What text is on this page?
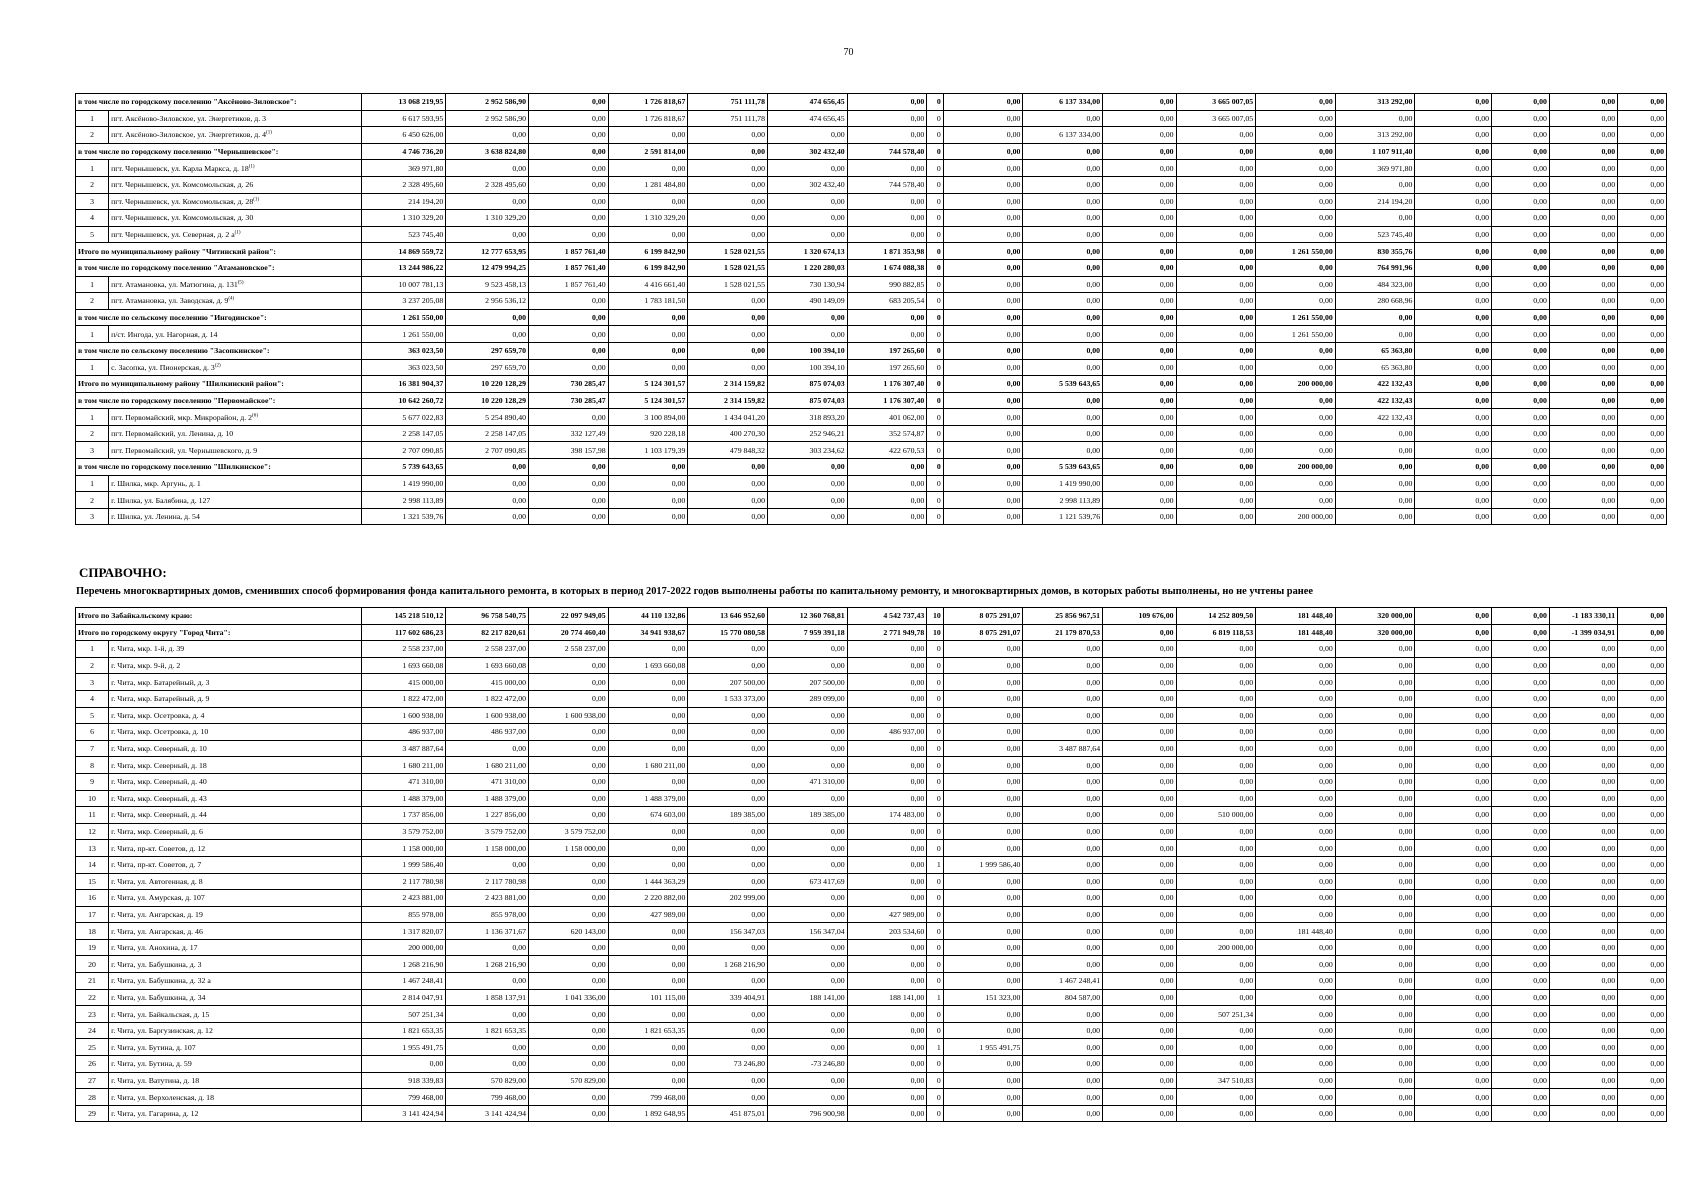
70
в том числе по городскому поселению "Аксёново-Зиловское":		13 068 219,95	2 952 586,90	0,00	1 726 818,67	751 111,78	474 656,45	0,00	0	0,00	6 137 334,00	0,00	3 665 007,05	0,00	313 292,00	0,00	0,00	0,00	0,00
1	пгт. Аксёново-Зиловское, ул. Энергетиков, д. 3	6 617 593,95	2 952 586,90	0,00	1 726 818,67	751 111,78	474 656,45	0,00	0	0,00	0,00	0,00	3 665 007,05	0,00	0,00	0,00	0,00	0,00	0,00
2	пгт. Аксёново-Зиловское, ул. Энергетиков, д. 4$^{(1)}$	6 450 626,00	0,00	0,00	0,00	0,00	0,00	0,00	0	0,00	6 137 334,00	0,00	0,00	0,00	313 292,00	0,00	0,00	0,00	0,00
в том числе по городскому поселению "Чернышевское":		4 746 736,20	3 638 824,80	0,00	2 591 814,00	0,00	302 432,40	744 578,40	0	0,00	0,00	0,00	0,00	0,00	1 107 911,40	0,00	0,00	0,00	0,00
1	пгт. Чернышевск, ул. Карла Маркса, д. 18$^{(1)}$	369 971,80	0,00	0,00	0,00	0,00	0,00	0,00	0	0,00	0,00	0,00	0,00	0,00	369 971,80	0,00	0,00	0,00	0,00
2	пгт. Чернышевск, ул. Комсомольская, д. 26	2 328 495,60	2 328 495,60	0,00	1 281 484,80	0,00	302 432,40	744 578,40	0	0,00	0,00	0,00	0,00	0,00	0,00	0,00	0,00	0,00	0,00
3	пгт. Чернышевск, ул. Комсомольская, д. 28$^{(1)}$	214 194,20	0,00	0,00	0,00	0,00	0,00	0,00	0	0,00	0,00	0,00	0,00	0,00	214 194,20	0,00	0,00	0,00	0,00
4	пгт. Чернышевск, ул. Комсомольская, д. 30	1 310 329,20	1 310 329,20	0,00	1 310 329,20	0,00	0,00	0,00	0	0,00	0,00	0,00	0,00	0,00	0,00	0,00	0,00	0,00	0,00
5	пгт. Чернышевск, ул. Северная, д. 2 $а^{(1)}$	523 745,40	0,00	0,00	0,00	0,00	0,00	0,00	0	0,00	0,00	0,00	0,00	0,00	523 745,40	0,00	0,00	0,00	0,00
Итого по муниципальному району "Читинский район":		14 869 559,72	12 777 653,95	1 857 761,40	6 199 842,90	1 528 021,55	1 320 674,13	1 871 353,98	0	0,00	0,00	0,00	0,00	1 261 550,00	830 355,76	0,00	0,00	0,00	0,00
в том числе по городскому поселению "Атамановское":		13 244 986,22	12 479 994,25	1 857 761,40	6 199 842,90	1 528 021,55	1 220 280,03	1 674 088,38	0	0,00	0,00	0,00	0,00	0,00	764 991,96	0,00	0,00	0,00	0,00
1	пгт. Атамановка, ул. Матюгина, д. 131$^{(5)}$	10 007 781,13	9 523 458,13	1 857 761,40	4 416 661,40	1 528 021,55	730 130,94	990 882,85	0	0,00	0,00	0,00	0,00	0,00	484 323,00	0,00	0,00	0,00	0,00
2	пгт. Атамановка, ул. Заводская, д. 9$^{(4)}$	3 237 205,08	2 956 536,12	0,00	1 783 181,50	0,00	490 149,09	683 205,54	0	0,00	0,00	0,00	0,00	0,00	280 668,96	0,00	0,00	0,00	0,00
в том числе по сельскому поселению "Ингодинское":		1 261 550,00	0,00	0,00	0,00	0,00	0,00	0,00	0	0,00	0,00	0,00	0,00	1 261 550,00	0,00	0,00	0,00	0,00	0,00
1	п/ст. Ингода, ул. Нагорная, д. 14	1 261 550,00	0,00	0,00	0,00	0,00	0,00	0,00	0	0,00	0,00	0,00	0,00	1 261 550,00	0,00	0,00	0,00	0,00	0,00
в том числе по сельскому поселению "Засопкинское":		363 023,50	297 659,70	0,00	0,00	0,00	100 394,10	197 265,60	0	0,00	0,00	0,00	0,00	0,00	65 363,80	0,00	0,00	0,00	0,00
1	с. Засопка, ул. Пионерская, д. 3$^{(2)}$	363 023,50	297 659,70	0,00	0,00	0,00	100 394,10	197 265,60	0	0,00	0,00	0,00	0,00	0,00	65 363,80	0,00	0,00	0,00	0,00
Итого по муниципальному району "Шилкинский район":		16 381 904,37	10 220 128,29	730 285,47	5 124 301,57	2 314 159,82	875 074,03	1 176 307,40	0	0,00	5 539 643,65	0,00	0,00	200 000,00	422 132,43	0,00	0,00	0,00	0,00
в том числе по городскому поселению "Первомайское":		10 642 260,72	10 220 128,29	730 285,47	5 124 301,57	2 314 159,82	875 074,03	1 176 307,40	0	0,00	0,00	0,00	0,00	0,00	422 132,43	0,00	0,00	0,00	0,00
1	пгт. Первомайский, мкр. Микрорайон, д. 2$^{(6)}$	5 677 022,83	5 254 890,40	0,00	3 100 894,00	1 434 041,20	318 893,20	401 062,00	0	0,00	0,00	0,00	0,00	0,00	422 132,43	0,00	0,00	0,00	0,00
2	пгт. Первомайский, ул. Ленина, д. 10	2 258 147,05	2 258 147,05	332 127,49	920 228,18	400 270,30	252 946,21	352 574,87	0	0,00	0,00	0,00	0,00	0,00	0,00	0,00	0,00	0,00	0,00
3	пгт. Первомайский, ул. Чернышевского, д. 9	2 707 090,85	2 707 090,85	398 157,98	1 103 179,39	479 848,32	303 234,62	422 670,53	0	0,00	0,00	0,00	0,00	0,00	0,00	0,00	0,00	0,00	0,00
в том числе по городскому поселению "Шилкинское":		5 739 643,65	0,00	0,00	0,00	0,00	0,00	0,00	0	0,00	5 539 643,65	0,00	0,00	200 000,00	0,00	0,00	0,00	0,00	0,00
1	г. Шилка, мкр. Аргунь, д. 1	1 419 990,00	0,00	0,00	0,00	0,00	0,00	0,00	0	0,00	1 419 990,00	0,00	0,00	0,00	0,00	0,00	0,00	0,00	0,00
2	г. Шилка, ул. Балябина, д. 127	2 998 113,89	0,00	0,00	0,00	0,00	0,00	0,00	0	0,00	2 998 113,89	0,00	0,00	0,00	0,00	0,00	0,00	0,00	0,00
3	г. Шилка, ул. Ленина, д. 54	1 321 539,76	0,00	0,00	0,00	0,00	0,00	0,00	0	0,00	1 121 539,76	0,00	0,00	200 000,00	0,00	0,00	0,00	0,00	0,00
СПРАВОЧНО:
Перечень многоквартирных домов, сменивших способ формирования фонда капитального ремонта, в которых в период 2017-2022 годов выполнены работы по капитальному ремонту, и многоквартирных домов, в которых работы выполнены, но не учтены ранее
Итого по Забайкальскому краю:		145 218 510,12	96 758 540,75	22 097 949,05	44 110 132,86	13 646 952,60	12 360 768,81	4 542 737,43	10	8 075 291,07	25 856 967,51	109 676,00	14 252 809,50	181 448,40	320 000,00	0,00	0,00	-1 183 330,11	0,00
Итого по городскому округу "Город Чита":		117 602 686,23	82 217 820,61	20 774 460,40	34 941 938,67	15 770 080,58	7 959 391,18	2 771 949,78	10	8 075 291,07	21 179 870,53	0,00	6 819 118,53	181 448,40	320 000,00	0,00	0,00	-1 399 034,91	0,00
1	г. Чита, мкр. 1-й, д. 39	2 558 237,00	2 558 237,00	2 558 237,00	0,00	0,00	0,00	0,00	0	0,00	0,00	0,00	0,00	0,00	0,00	0,00	0,00	0,00	0,00
2	г. Чита, мкр. 9-й, д. 2	1 693 660,08	1 693 660,08	0,00	1 693 660,08	0,00	0,00	0,00	0	0,00	0,00	0,00	0,00	0,00	0,00	0,00	0,00	0,00	0,00
3	г. Чита, мкр. Батарейный, д. 3	415 000,00	415 000,00	0,00	0,00	207 500,00	207 500,00	0,00	0	0,00	0,00	0,00	0,00	0,00	0,00	0,00	0,00	0,00	0,00
4	г. Чита, мкр. Батарейный, д. 9	1 822 472,00	1 822 472,00	0,00	0,00	1 533 373,00	289 099,00	0,00	0	0,00	0,00	0,00	0,00	0,00	0,00	0,00	0,00	0,00	0,00
5	г. Чита, мкр. Осетровка, д. 4	1 600 938,00	1 600 938,00	1 600 938,00	0,00	0,00	0,00	0,00	0	0,00	0,00	0,00	0,00	0,00	0,00	0,00	0,00	0,00	0,00
6	г. Чита, мкр. Осетровка, д. 10	486 937,00	486 937,00	0,00	0,00	0,00	0,00	486 937,00	0	0,00	0,00	0,00	0,00	0,00	0,00	0,00	0,00	0,00	0,00
7	г. Чита, мкр. Северный, д. 10	3 487 887,64	0,00	0,00	0,00	0,00	0,00	0,00	0	0,00	3 487 887,64	0,00	0,00	0,00	0,00	0,00	0,00	0,00	0,00
8	г. Чита, мкр. Северный, д. 18	1 680 211,00	1 680 211,00	0,00	1 680 211,00	0,00	0,00	0,00	0	0,00	0,00	0,00	0,00	0,00	0,00	0,00	0,00	0,00	0,00
9	г. Чита, мкр. Северный, д. 40	471 310,00	471 310,00	0,00	0,00	0,00	471 310,00	0,00	0	0,00	0,00	0,00	0,00	0,00	0,00	0,00	0,00	0,00	0,00
10	г. Чита, мкр. Северный, д. 43	1 488 379,00	1 488 379,00	0,00	1 488 379,00	0,00	0,00	0,00	0	0,00	0,00	0,00	0,00	0,00	0,00	0,00	0,00	0,00	0,00
11	г. Чита, мкр. Северный, д. 44	1 737 856,00	1 227 856,00	0,00	674 603,00	189 385,00	189 385,00	174 483,00	0	0,00	0,00	0,00	510 000,00	0,00	0,00	0,00	0,00	0,00	0,00
12	г. Чита, мкр. Северный, д. 6	3 579 752,00	3 579 752,00	3 579 752,00	0,00	0,00	0,00	0,00	0	0,00	0,00	0,00	0,00	0,00	0,00	0,00	0,00	0,00	0,00
13	г. Чита, пр-кт. Советов, д. 12	1 158 000,00	1 158 000,00	1 158 000,00	0,00	0,00	0,00	0,00	0	0,00	0,00	0,00	0,00	0,00	0,00	0,00	0,00	0,00	0,00
14	г. Чита, пр-кт. Советов, д. 7	1 999 586,40	0,00	0,00	0,00	0,00	0,00	0,00	1	1 999 586,40	0,00	0,00	0,00	0,00	0,00	0,00	0,00	0,00	0,00
15	г. Чита, ул. Автогенная, д. 8	2 117 780,98	2 117 780,98	0,00	1 444 363,29	0,00	673 417,69	0,00	0	0,00	0,00	0,00	0,00	0,00	0,00	0,00	0,00	0,00	0,00
16	г. Чита, ул. Амурская, д. 107	2 423 881,00	2 423 881,00	0,00	2 220 882,00	202 999,00	0,00	0,00	0	0,00	0,00	0,00	0,00	0,00	0,00	0,00	0,00	0,00	0,00
17	г. Чита, ул. Ангарская, д. 19	855 978,00	855 978,00	0,00	427 989,00	0,00	0,00	427 989,00	0	0,00	0,00	0,00	0,00	0,00	0,00	0,00	0,00	0,00	0,00
18	г. Чита, ул. Ангарская, д. 46	1 317 820,07	1 136 371,67	620 143,00	0,00	156 347,03	156 347,04	203 534,60	0	0,00	0,00	0,00	0,00	181 448,40	0,00	0,00	0,00	0,00	0,00
19	г. Чита, ул. Анохина, д. 17	200 000,00	0,00	0,00	0,00	0,00	0,00	0,00	0	0,00	0,00	0,00	200 000,00	0,00	0,00	0,00	0,00	0,00	0,00
20	г. Чита, ул. Бабушкина, д. 3	1 268 216,90	1 268 216,90	0,00	0,00	1 268 216,90	0,00	0,00	0	0,00	0,00	0,00	0,00	0,00	0,00	0,00	0,00	0,00	0,00
21	г. Чита, ул. Бабушкина, д. 32 а	1 467 248,41	0,00	0,00	0,00	0,00	0,00	0,00	0	0,00	1 467 248,41	0,00	0,00	0,00	0,00	0,00	0,00	0,00	0,00
22	г. Чита, ул. Бабушкина, д. 34	2 814 047,91	1 858 137,91	1 041 336,00	101 115,00	339 404,91	188 141,00	188 141,00	1	151 323,00	804 587,00	0,00	0,00	0,00	0,00	0,00	0,00	0,00	0,00
23	г. Чита, ул. Байкальская, д. 15	507 251,34	0,00	0,00	0,00	0,00	0,00	0,00	0	0,00	0,00	0,00	507 251,34	0,00	0,00	0,00	0,00	0,00	0,00
24	г. Чита, ул. Баргузинская, д. 12	1 821 653,35	1 821 653,35	0,00	1 821 653,35	0,00	0,00	0,00	0	0,00	0,00	0,00	0,00	0,00	0,00	0,00	0,00	0,00	0,00
25	г. Чита, ул. Бутина, д. 107	1 955 491,75	0,00	0,00	0,00	0,00	0,00	0,00	1	1 955 491,75	0,00	0,00	0,00	0,00	0,00	0,00	0,00	0,00	0,00
26	г. Чита, ул. Бутина, д. 59	0,00	0,00	0,00	0,00	73 246,80	-73 246,80	0,00	0	0,00	0,00	0,00	0,00	0,00	0,00	0,00	0,00	0,00	0,00
27	г. Чита, ул. Ватутина, д. 18	918 339,83	570 829,00	570 829,00	0,00	0,00	0,00	0,00	0	0,00	0,00	0,00	347 510,83	0,00	0,00	0,00	0,00	0,00	0,00
28	г. Чита, ул. Верхоленская, д. 18	799 468,00	799 468,00	0,00	799 468,00	0,00	0,00	0,00	0	0,00	0,00	0,00	0,00	0,00	0,00	0,00	0,00	0,00	0,00
29	г. Чита, ул. Гагарина, д. 12	3 141 424,94	3 141 424,94	0,00	1 892 648,95	451 875,01	796 900,98	0,00	0	0,00	0,00	0,00	0,00	0,00	0,00	0,00	0,00	0,00	0,00
